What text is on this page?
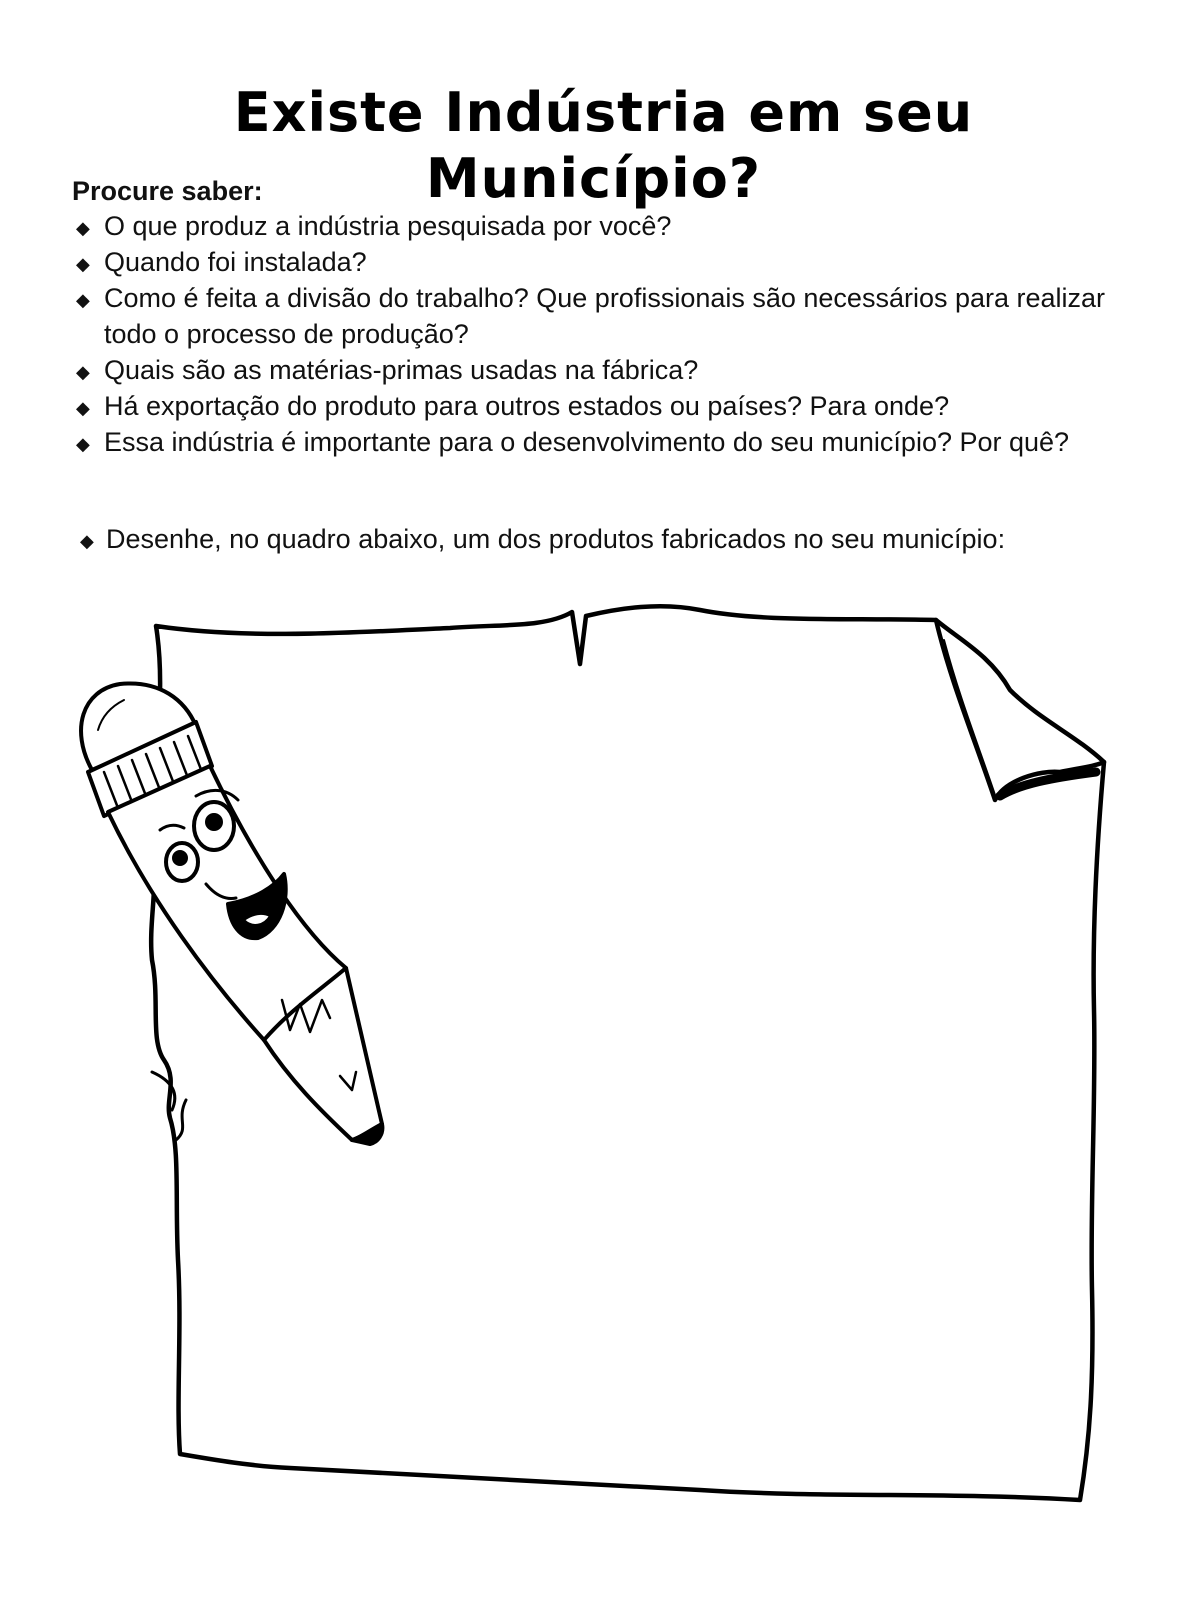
Existe Indústria em seu
Município?
Procure saber:
◆ O que produz a indústria pesquisada por você?
◆ Quando foi instalada?
◆ Como é feita a divisão do trabalho? Que profissionais são necessários para realizar todo o processo de produção?
◆ Quais são as matérias-primas usadas na fábrica?
◆ Há exportação do produto para outros estados ou países? Para onde?
◆ Essa indústria é importante para o desenvolvimento do seu município? Por quê?
◆ Desenhe, no quadro abaixo, um dos produtos fabricados no seu município:
